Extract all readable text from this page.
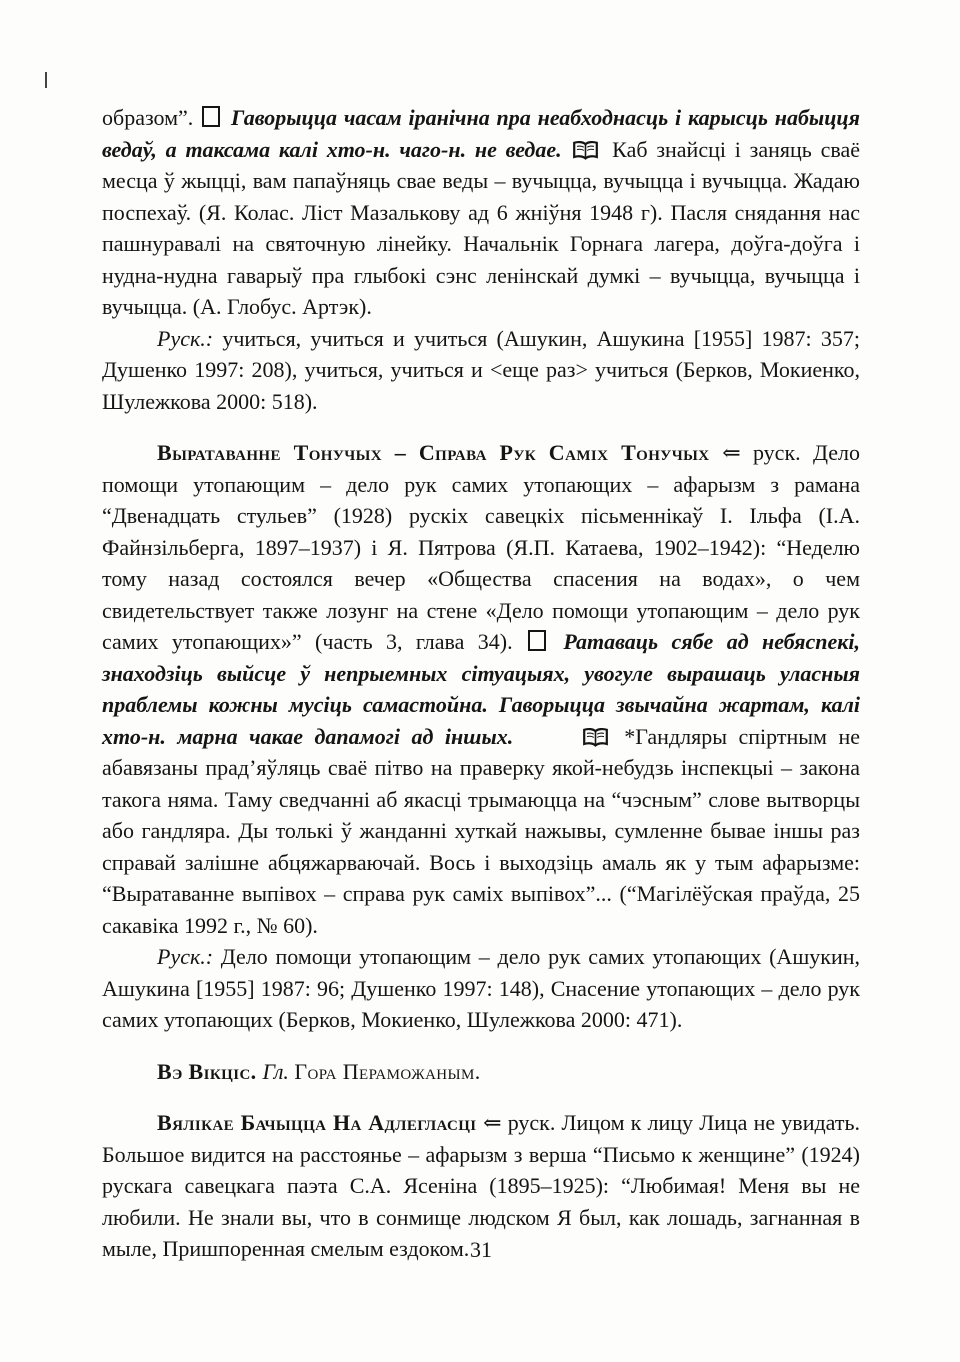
образом”.  Гаворыцца часам іранічна пра неабходнасць і карысць набыцця ведаў, а таксама калі хто-н. чаго-н. не ведае.  Каб знайсці і заняць сваё месца ў жыцці, вам папаўняць свае веды – вучыцца, вучыцца і вучыцца. Жадаю поспехаў. (Я. Колас. Ліст Мазалькову ад 6 жніўня 1948 г). Пасля снядання нас пашнуравалі на святочную лінейку. Начальнік Горнага лагера, доўга-доўга і нудна-нудна гаварыў пра глыбокі сэнс ленінскай думкі – вучыцца, вучыцца і вучыцца. (А. Глобус. Артэк).

Руск.: учиться, учиться и учиться (Ашукин, Ашукина [1955] 1987: 357; Душенко 1997: 208), учиться, учиться и <еще раз> учиться (Берков, Мокиенко, Шулежкова 2000: 518).

Выратаванне Тонучых – Справа Рук Саміх Тонучых ⇐ руск. Дело помощи утопающим – дело рук самих утопающих – афарызм з рамана “Двенадцать стульев” (1928) рускіх савецкіх пісьменнікаў І. Ільфа (І.А. Файнзільберга, 1897–1937) і Я. Пятрова (Я.П. Катаева, 1902–1942): “Неделю тому назад состоялся вечер «Общества спасения на водах», о чем свидетельствует также лозунг на стене «Дело помощи утопающим – дело рук самих утопающих»” (часть 3, глава 34).  Ратаваць сябе ад небяспекі, знаходзіць выйсце ў непрыемных сітуацыях, увогуле вырашаць уласныя праблемы кожны мусіць самастойна. Гаворыцца звычайна жартам, калі хто-н. марна чакае дапамогі ад іншых.	*Гандляры спіртным не абавязаны прад’яўляць сваё пітво на праверку якой-небудзь інспекцыі – закона такога няма. Таму сведчанні аб якасці трымаюцца на “чэсным” слове вытворцы або гандляра. Ды толькі ў жанданні хуткай нажывы, сумленне бывае іншы раз справай залішне абцяжарваючай. Вось і выходзіць амаль як у тым афарызме: “Выратаванне выпівох – справа рук саміх выпівох”... (“Магілёўская праўда, 25 сакавіка 1992 г., № 60).

Руск.: Дело помощи утопающим – дело рук самих утопающих (Ашукин, Ашукина [1955] 1987: 96; Душенко 1997: 148), Снасение утопающих – дело рук самих утопающих (Берков, Мокиенко, Шулежкова 2000: 471).

Вэ Вікціс. Гл. Гора Пераможаным.

Вялікае Бачыцца На Адлегласці ⇐ руск. Лицом к лицу Лица не увидать. Большое видится на расстоянье – афарызм з верша “Письмо к женщине” (1924) рускага савецкага паэта С.А. Ясеніна (1895–1925): “Любимая! Меня вы не любили. Не знали вы, что в сонмище людском Я был, как лошадь, загнанная в мыле, Пришпоренная смелым ездоком. 31
